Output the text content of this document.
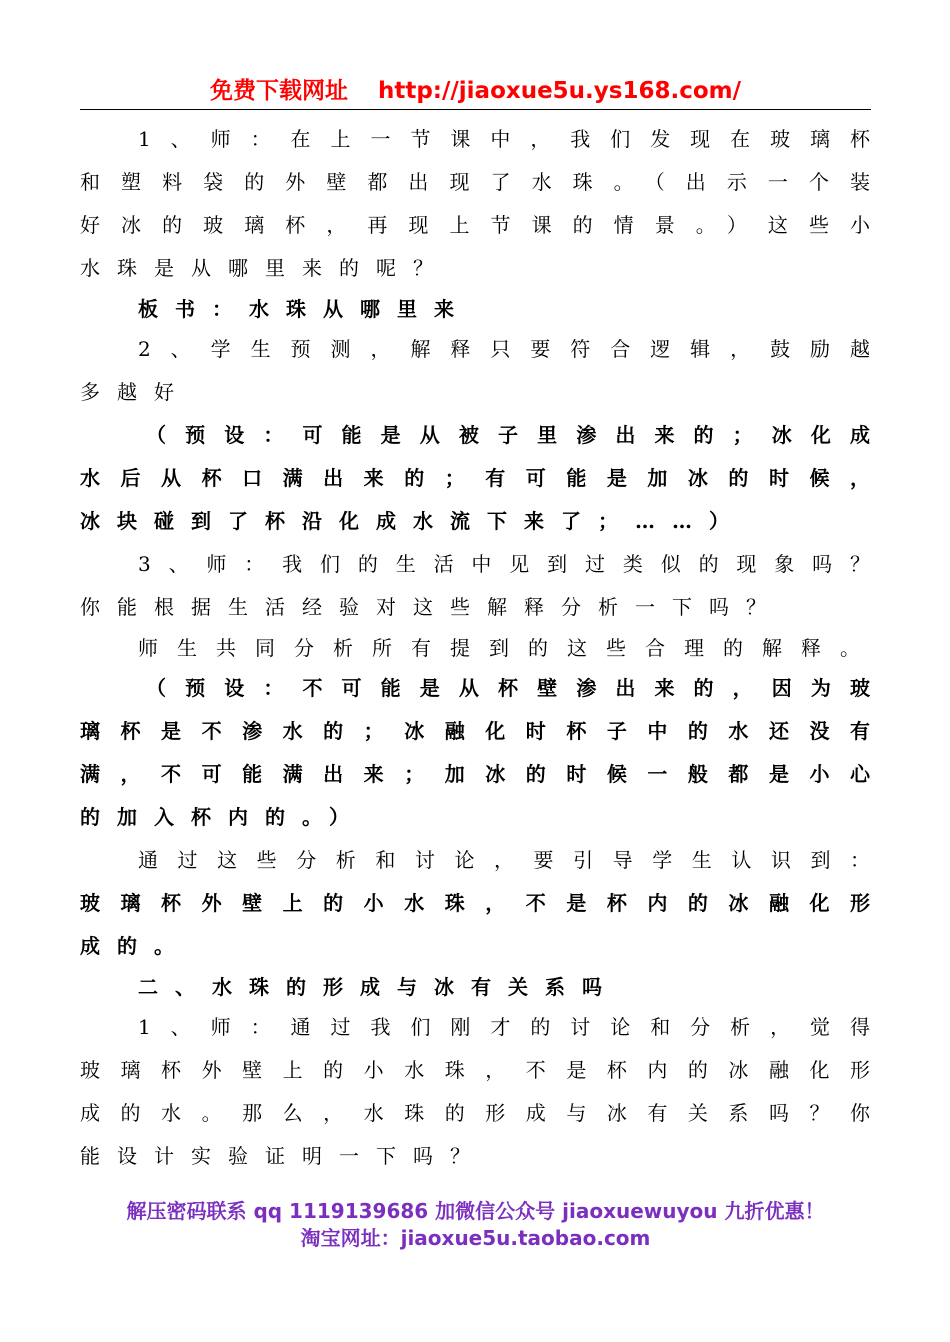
免费下载网址 http://jiaoxue5u.ys168.com/
1、师：在上一节课中，我们发现在玻璃杯
和塑料袋的外壁都出现了水珠。（出示一个装
好冰的玻璃杯，再现上节课的情景。）这些小
水珠是从哪里来的呢？
板书：水珠从哪里来
2、学生预测，解释只要符合逻辑，鼓励越
多越好
（预设：可能是从被子里渗出来的；冰化成
水后从杯口满出来的；有可能是加冰的时候，
冰块碰到了杯沿化成水流下来了；……）
3、师：我们的生活中见到过类似的现象吗？
你能根据生活经验对这些解释分析一下吗？
师生共同分析所有提到的这些合理的解释。
（预设：不可能是从杯壁渗出来的，因为玻
璃杯是不渗水的；冰融化时杯子中的水还没有
满，不可能满出来；加冰的时候一般都是小心
的加入杯内的。）
通过这些分析和讨论，要引导学生认识到：
玻璃杯外壁上的小水珠，不是杯内的冰融化形
成的。
二、水珠的形成与冰有关系吗
1、师：通过我们刚才的讨论和分析，觉得
玻璃杯外壁上的小水珠，不是杯内的冰融化形
成的水。那么，水珠的形成与冰有关系吗？你
能设计实验证明一下吗？
解压密码联系 qq 1119139686 加微信公众号 jiaoxuewuyou 九折优惠！
淘宝网址：jiaoxue5u.taobao.com
